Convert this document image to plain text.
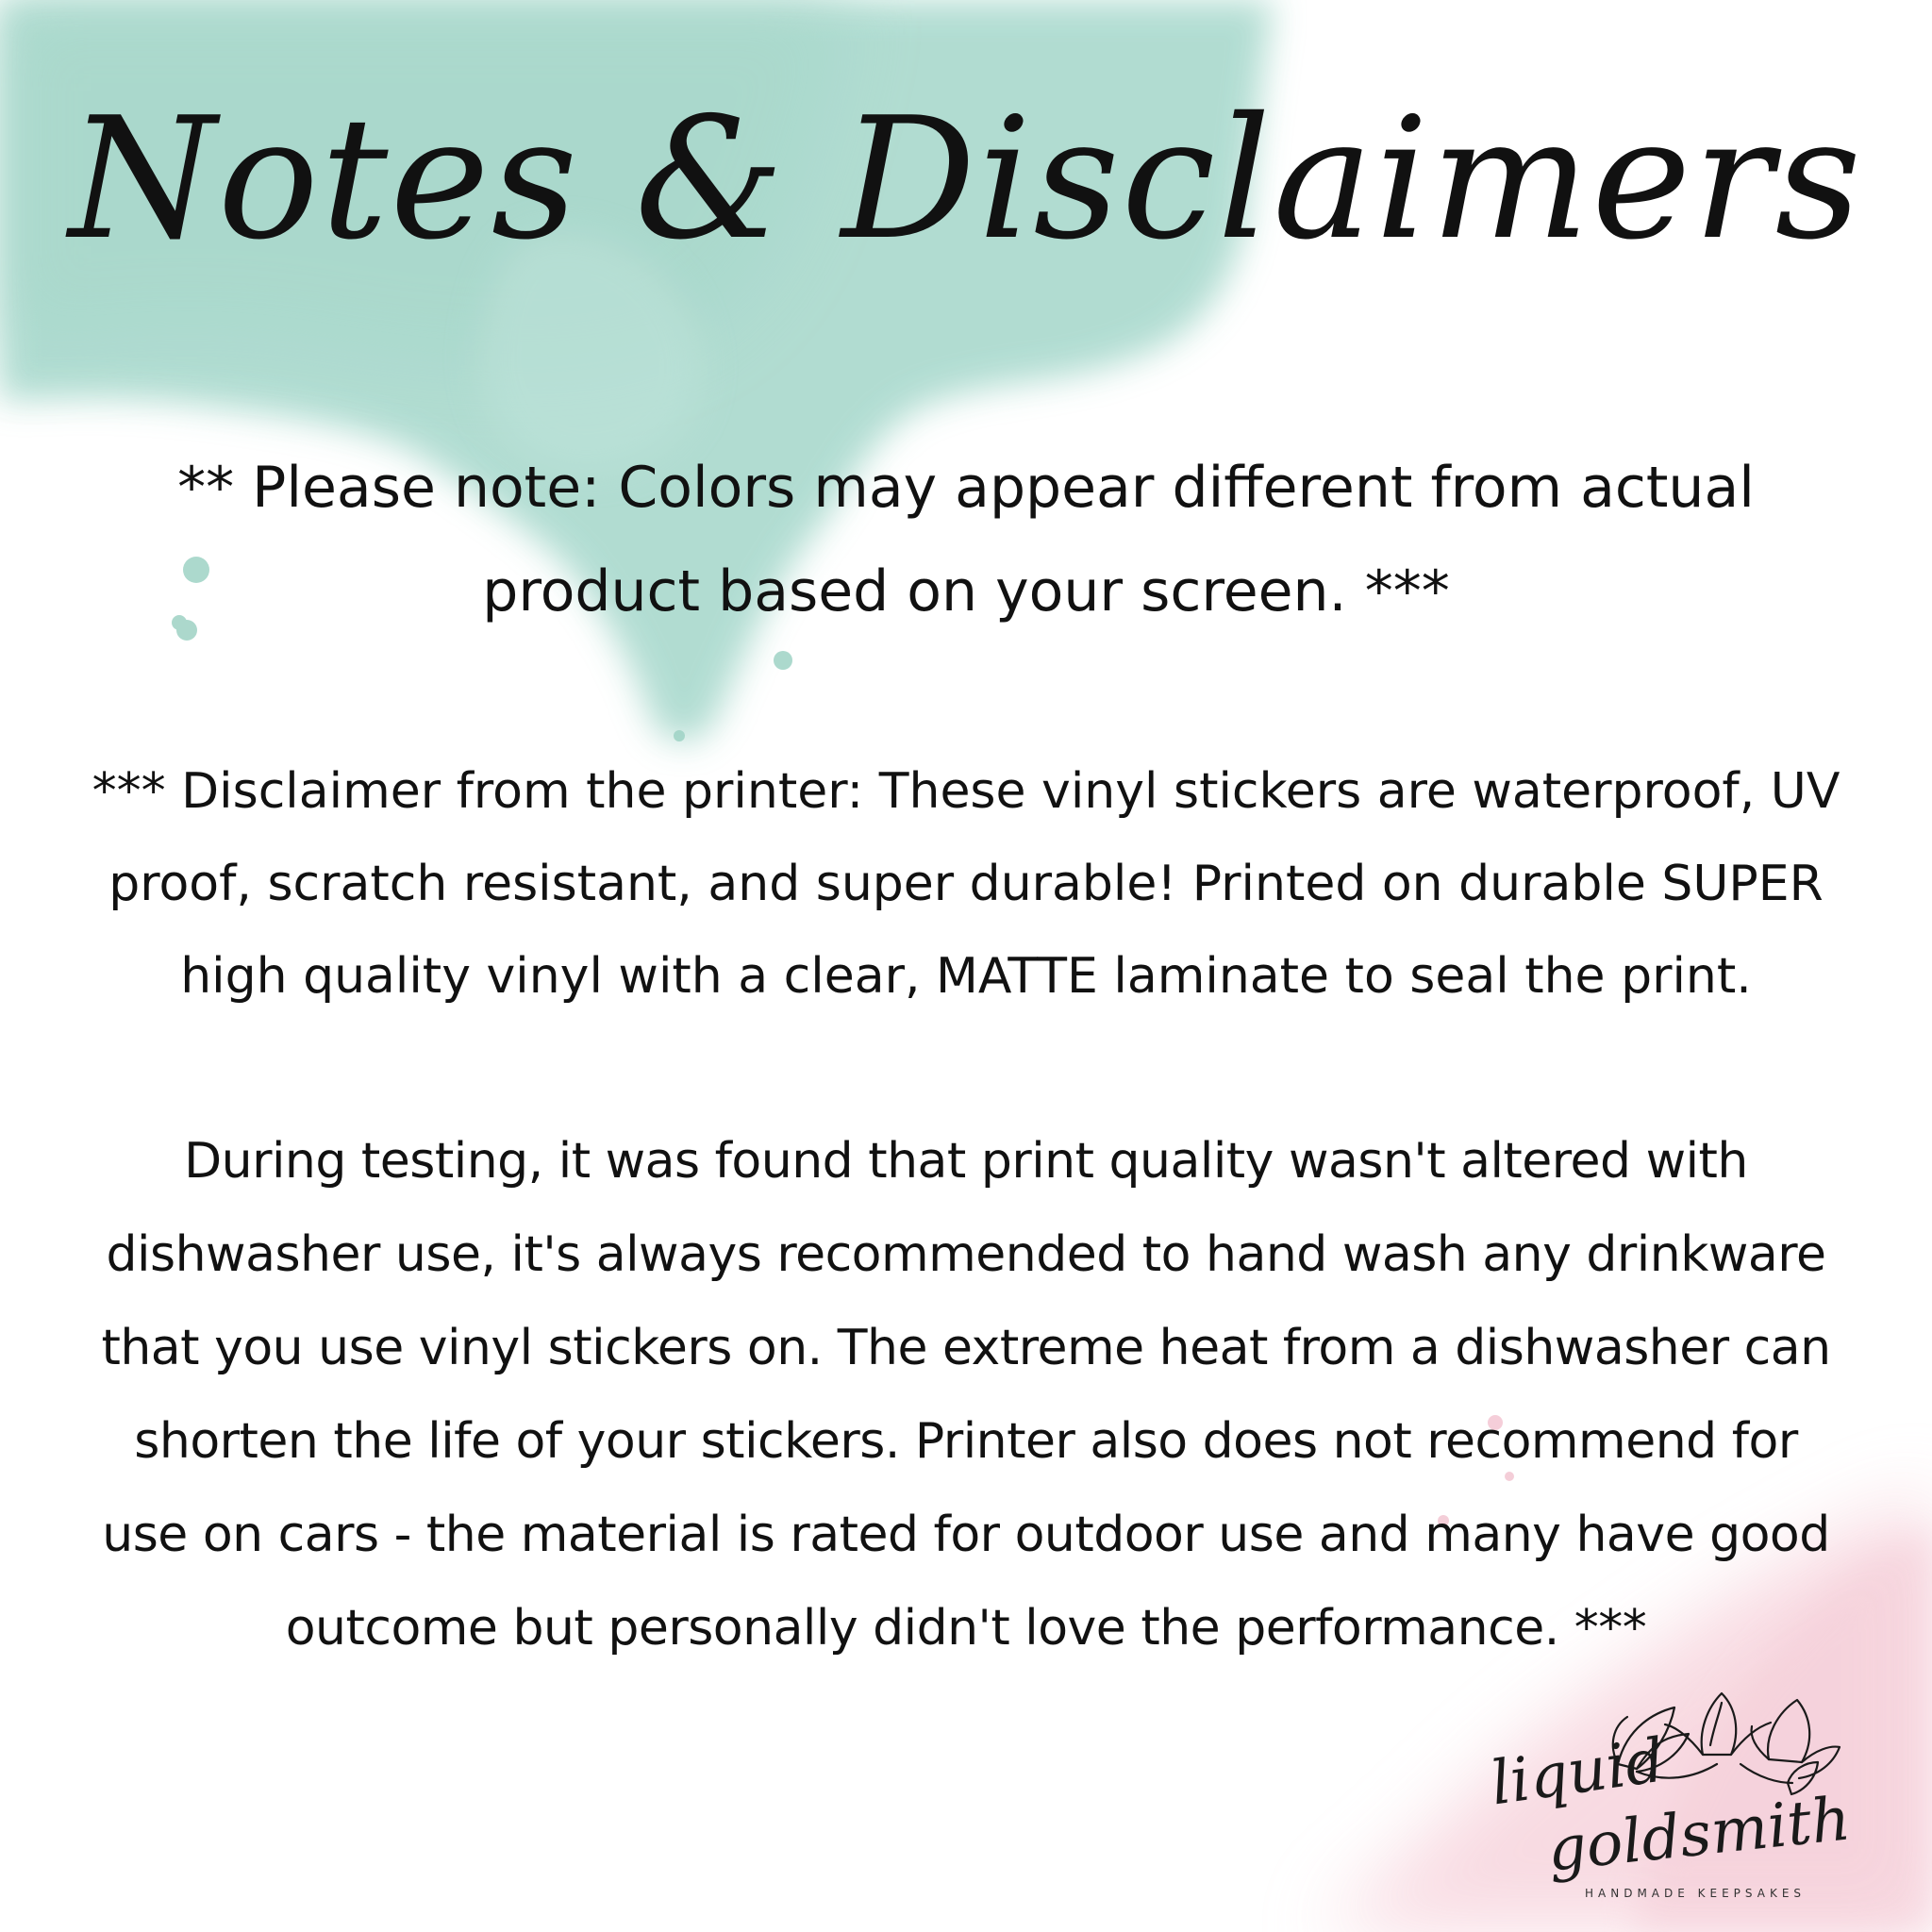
Notes & Disclaimers
** Please note: Colors may appear different from actual
product based on your screen. ***
*** Disclaimer from the printer: These vinyl stickers are waterproof, UV
proof, scratch resistant, and super durable! Printed on durable SUPER
high quality vinyl with a clear, MATTE laminate to seal the print.
During testing, it was found that print quality wasn't altered with
dishwasher use, it's always recommended to hand wash any drinkware
that you use vinyl stickers on. The extreme heat from a dishwasher can
shorten the life of your stickers. Printer also does not recommend for
use on cars - the material is rated for outdoor use and many have good
outcome but personally didn't love the performance. ***
liquid
goldsmith
HANDMADE KEEPSAKES
